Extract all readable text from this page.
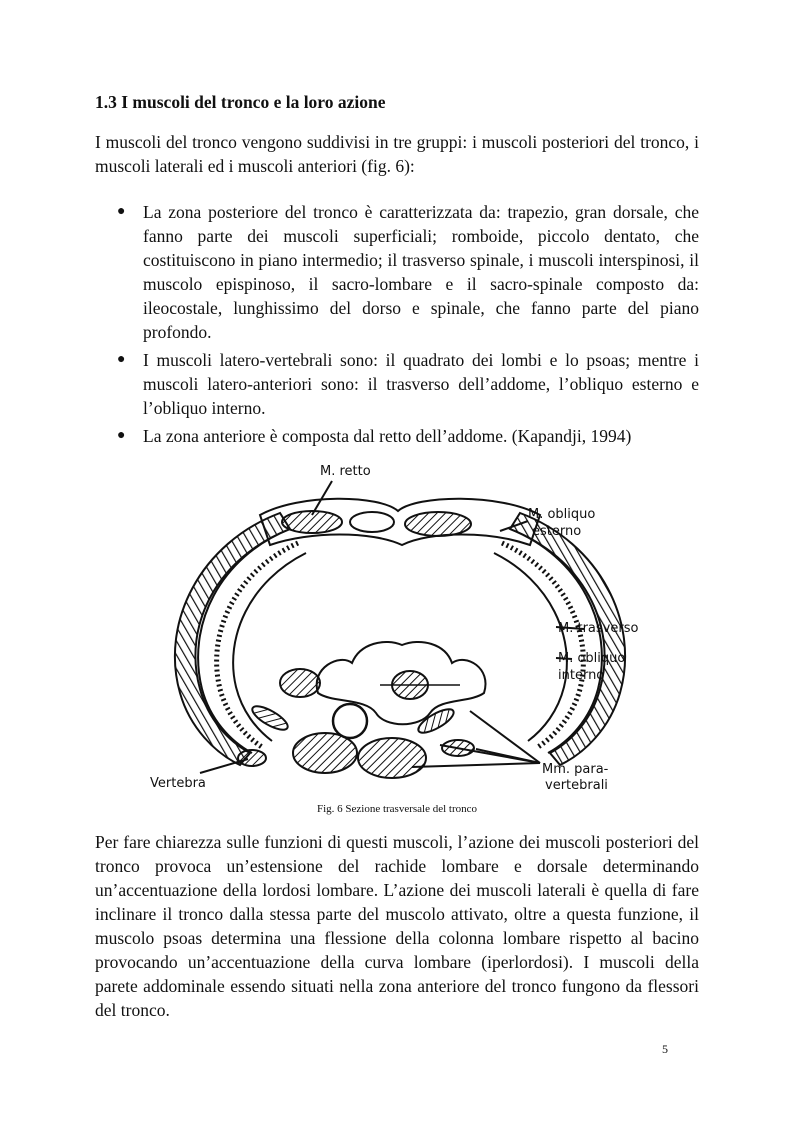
1.3 I muscoli del tronco e la loro azione

I muscoli del tronco vengono suddivisi in tre gruppi: i muscoli posteriori del tronco, i muscoli laterali ed i muscoli anteriori (fig. 6):

● La zona posteriore del tronco è caratterizzata da: trapezio, gran dorsale, che fanno parte dei muscoli superficiali; romboide, piccolo dentato, che costituiscono in piano intermedio; il trasverso spinale, i muscoli interspinosi, il muscolo epispinoso, il sacro-lombare e il sacro-spinale composto da: ileocostale, lunghissimo del dorso e spinale, che fanno parte del piano profondo.
● I muscoli latero-vertebrali sono: il quadrato dei lombi e lo psoas; mentre i muscoli latero-anteriori sono: il trasverso dell’addome, l’obliquo esterno e l’obliquo interno.
● La zona anteriore è composta dal retto dell’addome. (Kapandji, 1994)
M. retto
M. obliquo
esterno
M. trasverso
M. obliquo
interno
Mm. para-
vertebrali
Vertebra

Fig. 6 Sezione trasversale del tronco

Per fare chiarezza sulle funzioni di questi muscoli, l’azione dei muscoli posteriori del tronco provoca un’estensione del rachide lombare e dorsale determinando un’accentuazione della lordosi lombare. L’azione dei muscoli laterali è quella di fare inclinare il tronco dalla stessa parte del muscolo attivato, oltre a questa funzione, il muscolo psoas determina una flessione della colonna lombare rispetto al bacino provocando un’accentuazione della curva lombare (iperlordosi). I muscoli della parete addominale essendo situati nella zona anteriore del tronco fungono da flessori del tronco.

5
